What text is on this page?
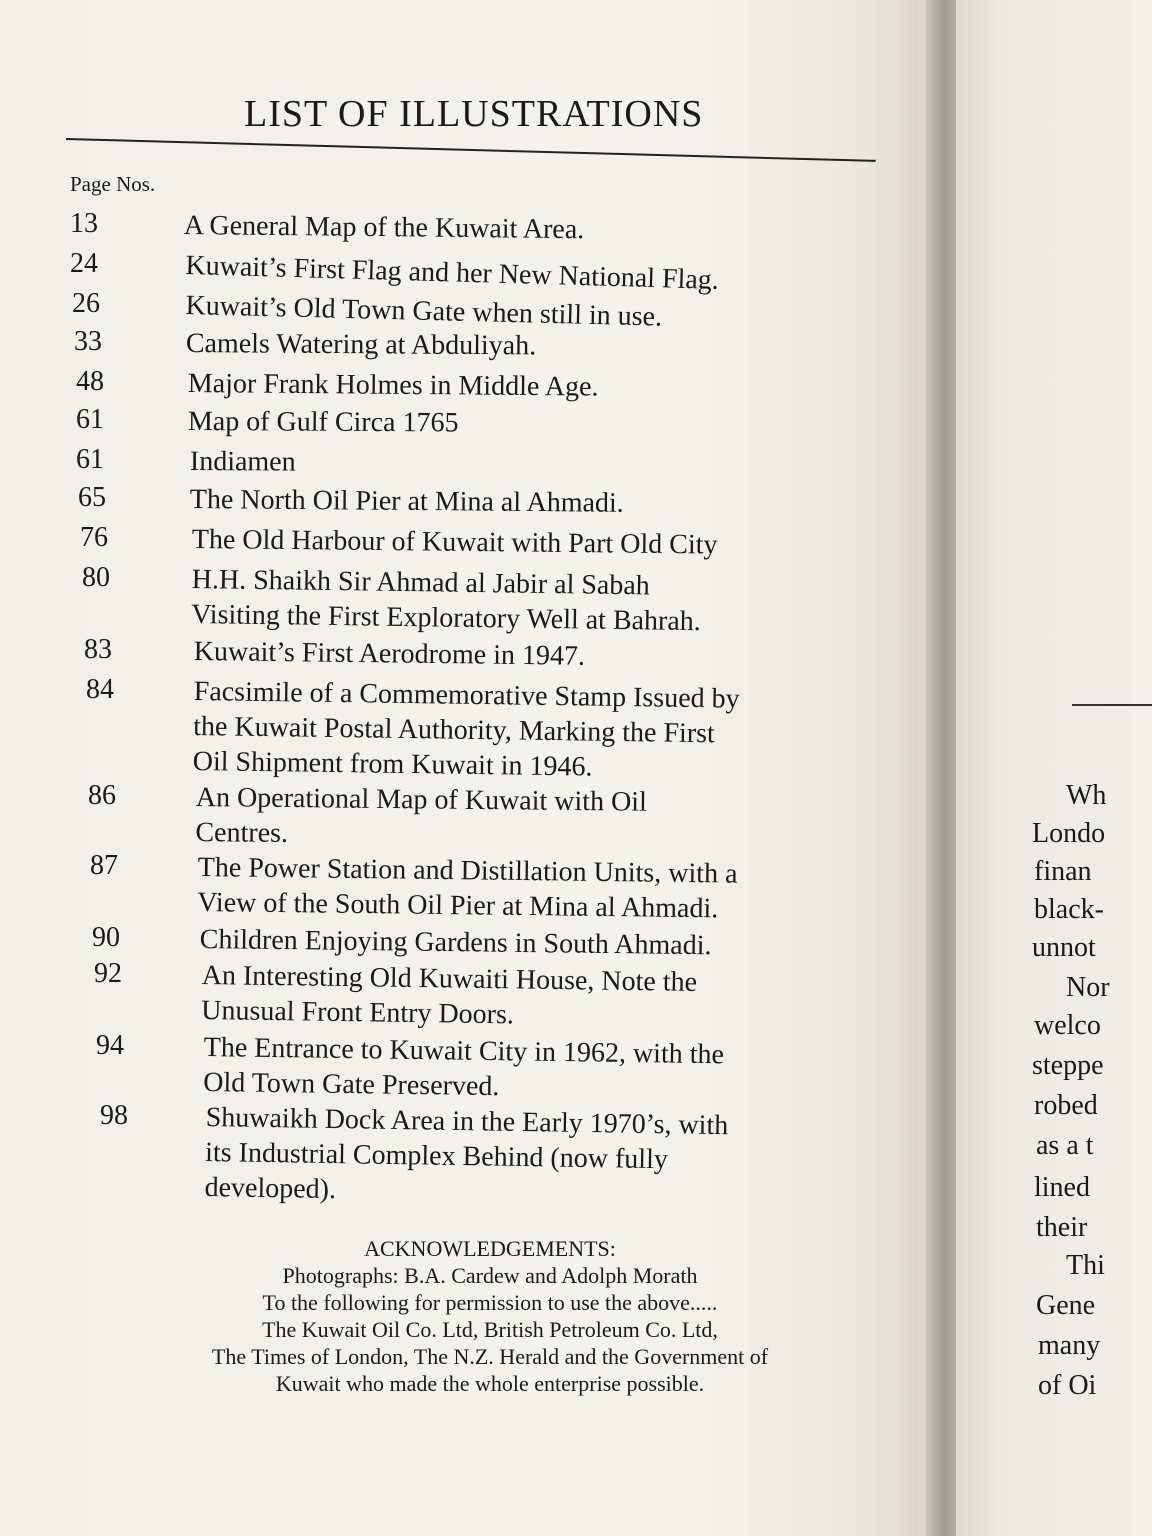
LIST OF ILLUSTRATIONS
Page Nos.
13	A General Map of the Kuwait Area.
24	Kuwait’s First Flag and her New National Flag.
26	Kuwait’s Old Town Gate when still in use.
33	Camels Watering at Abduliyah.
48	Major Frank Holmes in Middle Age.
61	Map of Gulf Circa 1765
61	Indiamen
65	The North Oil Pier at Mina al Ahmadi.
76	The Old Harbour of Kuwait with Part Old City
80	H.H. Shaikh Sir Ahmad al Jabir al Sabah
Visiting the First Exploratory Well at Bahrah.
83	Kuwait’s First Aerodrome in 1947.
84	Facsimile of a Commemorative Stamp Issued by
the Kuwait Postal Authority, Marking the First
Oil Shipment from Kuwait in 1946.
86	An Operational Map of Kuwait with Oil
Centres.
87	The Power Station and Distillation Units, with a
View of the South Oil Pier at Mina al Ahmadi.
90	Children Enjoying Gardens in South Ahmadi.
92	An Interesting Old Kuwaiti House, Note the
Unusual Front Entry Doors.
94	The Entrance to Kuwait City in 1962, with the
Old Town Gate Preserved.
98	Shuwaikh Dock Area in the Early 1970’s, with
its Industrial Complex Behind (now fully
developed).
ACKNOWLEDGEMENTS:
Photographs: B.A. Cardew and Adolph Morath
To the following for permission to use the above.....
The Kuwait Oil Co. Ltd, British Petroleum Co. Ltd,
The Times of London, The N.Z. Herald and the Government of
Kuwait who made the whole enterprise possible.
Wh
Londo
finan
black-
unnot
Nor
welco
steppe
robed
as a t
lined
their
Thi
Gene
many
of Oi
